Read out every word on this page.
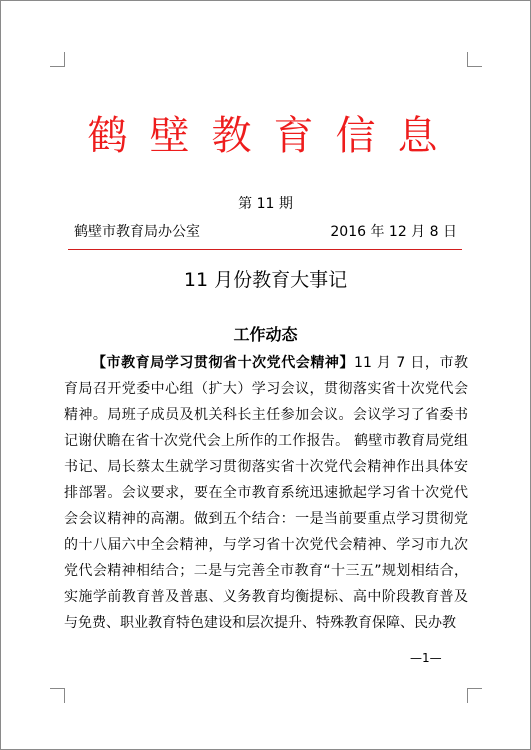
鹤壁教育信息
第 11 期
鹤壁市教育局办公室	2016 年 12 月 8 日
11 月份教育大事记
工作动态

【市教育局学习贯彻省十次党代会精神】11 月 7 日，市教育局召开党委中心组（扩大）学习会议，贯彻落实省十次党代会精神。局班子成员及机关科长主任参加会议。会议学习了省委书记谢伏瞻在省十次党代会上所作的工作报告。 鹤壁市教育局党组书记、局长蔡太生就学习贯彻落实省十次党代会精神作出具体安排部署。会议要求，要在全市教育系统迅速掀起学习省十次党代会会议精神的高潮。做到五个结合：一是当前要重点学习贯彻党的十八届六中全会精神，与学习省十次党代会精神、学习市九次党代会精神相结合；二是与完善全市教育“十三五”规划相结合，实施学前教育普及普惠、义务教育均衡提标、高中阶段教育普及与免费、职业教育特色建设和层次提升、特殊教育保障、民办教

—1—
